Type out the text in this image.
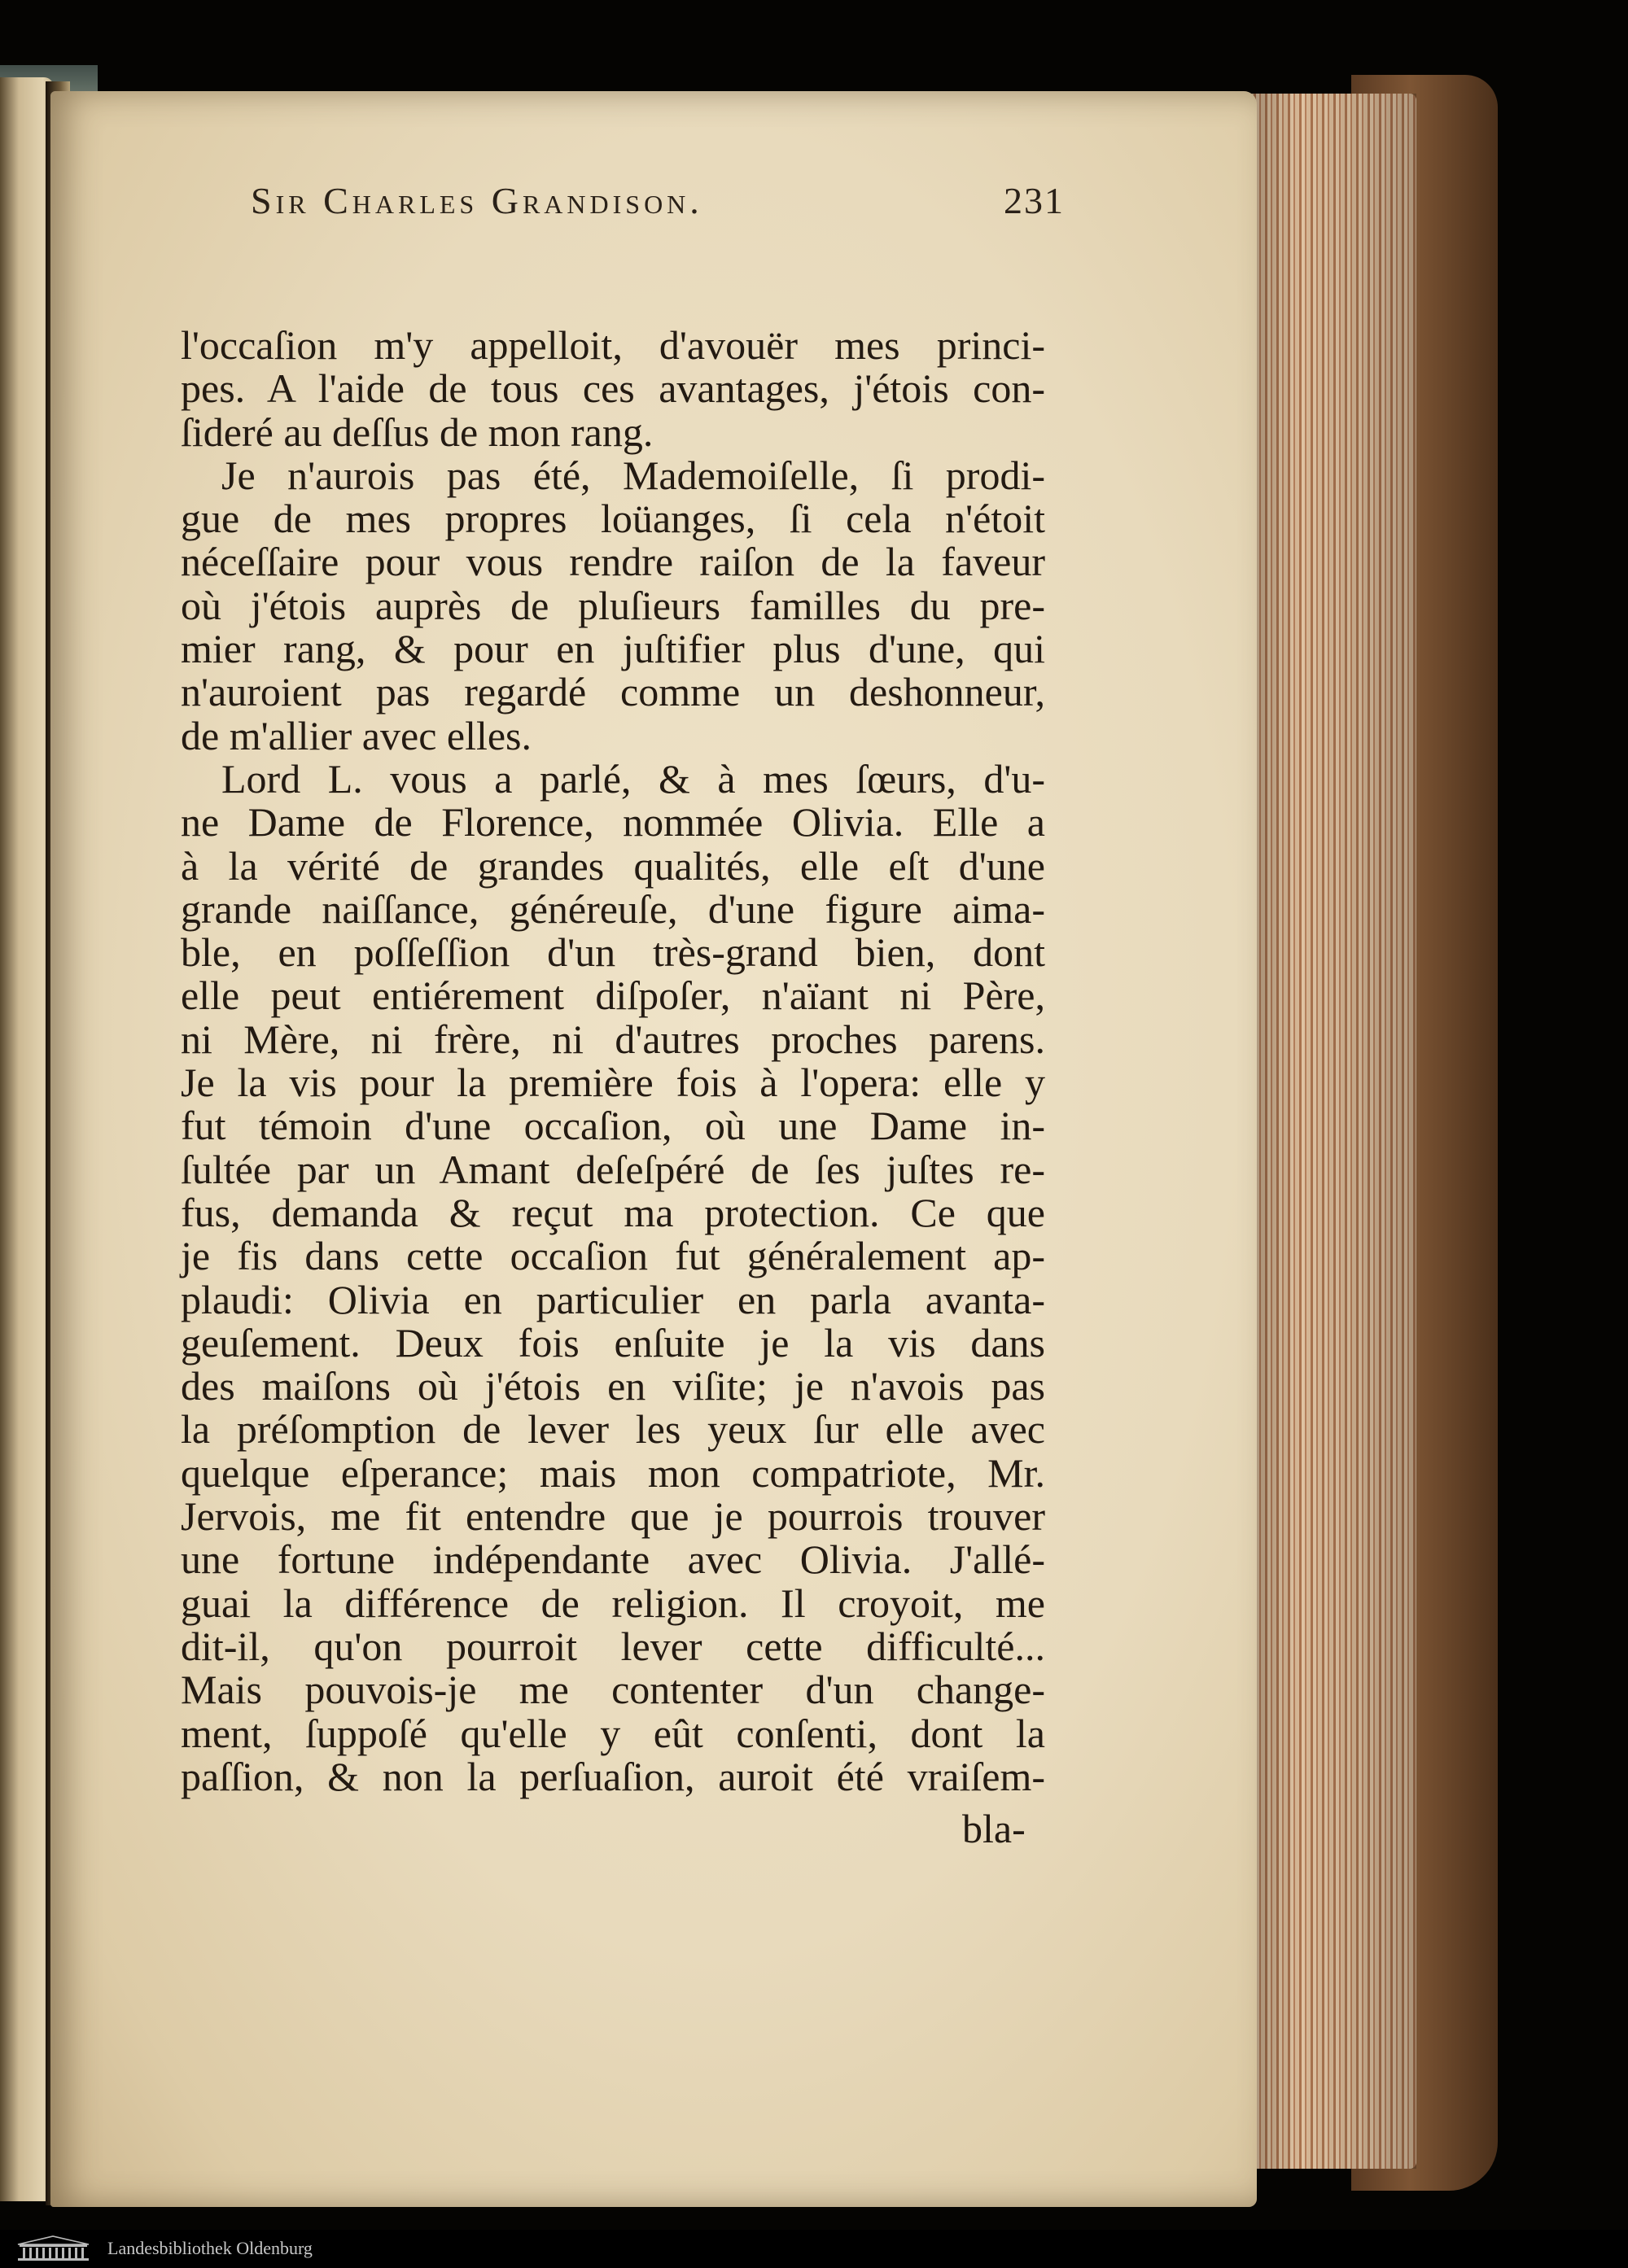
Sir Charles Grandison.	231
l'occaſion m'y appelloit, d'avouër mes princi-
pes. A l'aide de tous ces avantages, j'étois con-
ſideré au deſſus de mon rang.
Je n'aurois pas été, Mademoiſelle, ſi prodi-
gue de mes propres loüanges, ſi cela n'étoit
néceſſaire pour vous rendre raiſon de la faveur
où j'étois auprès de pluſieurs familles du pre-
mier rang, & pour en juſtifier plus d'une, qui
n'auroient pas regardé comme un deshonneur,
de m'allier avec elles.
Lord L. vous a parlé, & à mes ſœurs, d'u-
ne Dame de Florence, nommée Olivia. Elle a
à la vérité de grandes qualités, elle eſt d'une
grande naiſſance, généreuſe, d'une figure aima-
ble, en poſſeſſion d'un très-grand bien, dont
elle peut entiérement diſpoſer, n'aïant ni Père,
ni Mère, ni frère, ni d'autres proches parens.
Je la vis pour la première fois à l'opera: elle y
fut témoin d'une occaſion, où une Dame in-
ſultée par un Amant deſeſpéré de ſes juſtes re-
fus, demanda & reçut ma protection. Ce que
je fis dans cette occaſion fut généralement ap-
plaudi: Olivia en particulier en parla avanta-
geuſement. Deux fois enſuite je la vis dans
des maiſons où j'étois en viſite; je n'avois pas
la préſomption de lever les yeux ſur elle avec
quelque eſperance; mais mon compatriote, Mr.
Jervois, me fit entendre que je pourrois trouver
une fortune indépendante avec Olivia. J'allé-
guai la différence de religion. Il croyoit, me
dit-il, qu'on pourroit lever cette difficulté...
Mais pouvois-je me contenter d'un change-
ment, ſuppoſé qu'elle y eût conſenti, dont la
paſſion, & non la perſuaſion, auroit été vraiſem-
bla-
Landesbibliothek Oldenburg
